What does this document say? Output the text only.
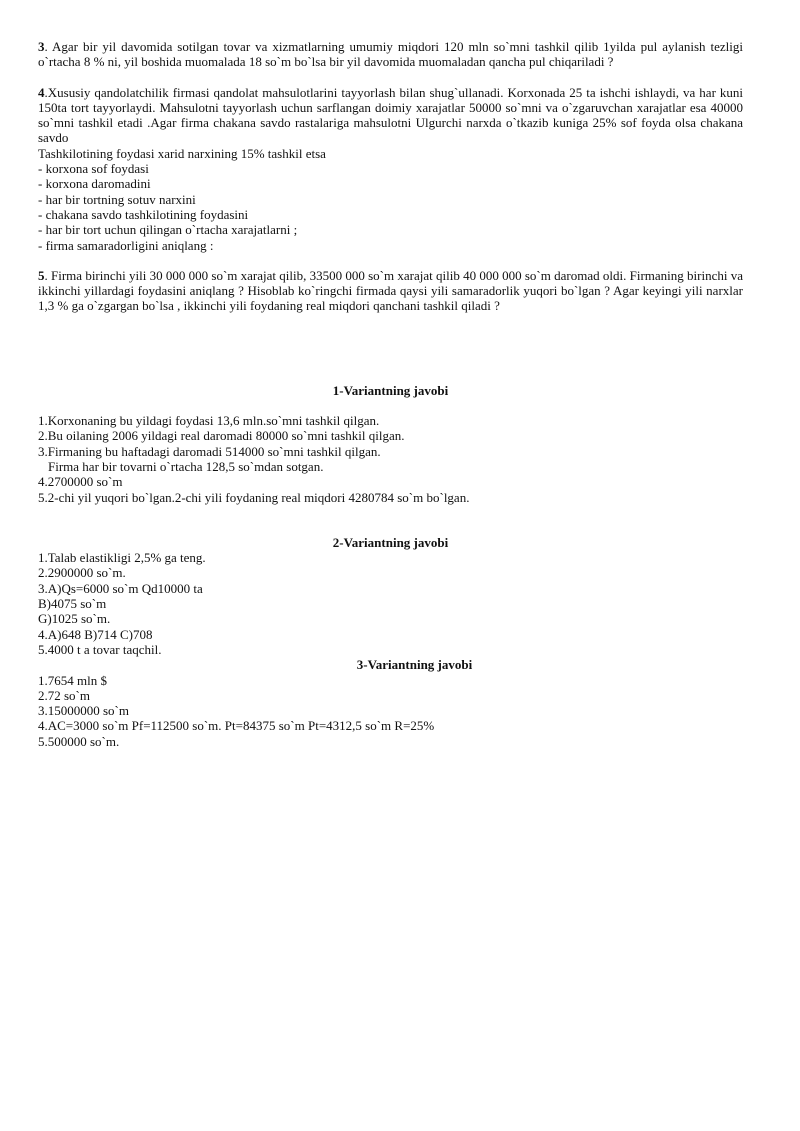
3. Agar bir yil davomida sotilgan tovar va xizmatlarning umumiy miqdori 120 mln so`mni tashkil qilib 1yilda pul aylanish tezligi o`rtacha 8 % ni, yil boshida muomalada 18 so`m bo`lsa bir yil davomida muomaladan qancha pul chiqariladi ?

4.Xususiy qandolatchilik firmasi qandolat mahsulotlarini tayyorlash bilan shug`ullanadi. Korxonada 25 ta ishchi ishlaydi, va har kuni 150ta tort tayyorlaydi. Mahsulotni tayyorlash uchun sarflangan doimiy xarajatlar 50000 so`mni va o`zgaruvchan xarajatlar esa 40000 so`mni tashkil etadi .Agar firma chakana savdo rastalariga mahsulotni Ulgurchi narxda o`tkazib kuniga 25% sof foyda olsa chakana savdo

Tashkilotining foydasi xarid narxining 15% tashkil etsa

- korxona sof foydasi

- korxona daromadini

- har bir tortning sotuv narxini

- chakana savdo tashkilotining foydasini

- har bir tort uchun qilingan o`rtacha xarajatlarni ;

- firma samaradorligini aniqlang :

5. Firma birinchi yili 30 000 000 so`m xarajat qilib, 33500 000 so`m xarajat qilib 40 000 000 so`m daromad oldi. Firmaning birinchi va ikkinchi yillardagi foydasini aniqlang ? Hisoblab ko`ringchi firmada qaysi yili samaradorlik yuqori bo`lgan ? Agar keyingi yili narxlar 1,3 % ga o`zgargan bo`lsa , ikkinchi yili foydaning real miqdori qanchani tashkil qiladi ?

1-Variantning javobi

1.Korxonaning bu yildagi foydasi 13,6 mln.so`mni tashkil qilgan.

2.Bu oilaning 2006 yildagi real daromadi 80000 so`mni tashkil qilgan.

3.Firmaning bu haftadagi daromadi 514000 so`mni tashkil qilgan.

Firma har bir tovarni o`rtacha 128,5 so`mdan sotgan.

4.2700000 so`m

5.2-chi yil yuqori bo`lgan.2-chi yili foydaning real miqdori 4280784 so`m bo`lgan.

2-Variantning javobi

1.Talab elastikligi 2,5% ga teng.

2.2900000 so`m.

3.A)Qs=6000 so`m Qd10000 ta

B)4075 so`m

G)1025 so`m.

4.A)648 B)714 C)708

5.4000 t a tovar taqchil.

3-Variantning javobi

1.7654 mln $

2.72 so`m

3.15000000 so`m

4.AC=3000 so`m Pf=112500 so`m. Pt=84375 so`m Pt=4312,5 so`m R=25%

5.500000 so`m.
